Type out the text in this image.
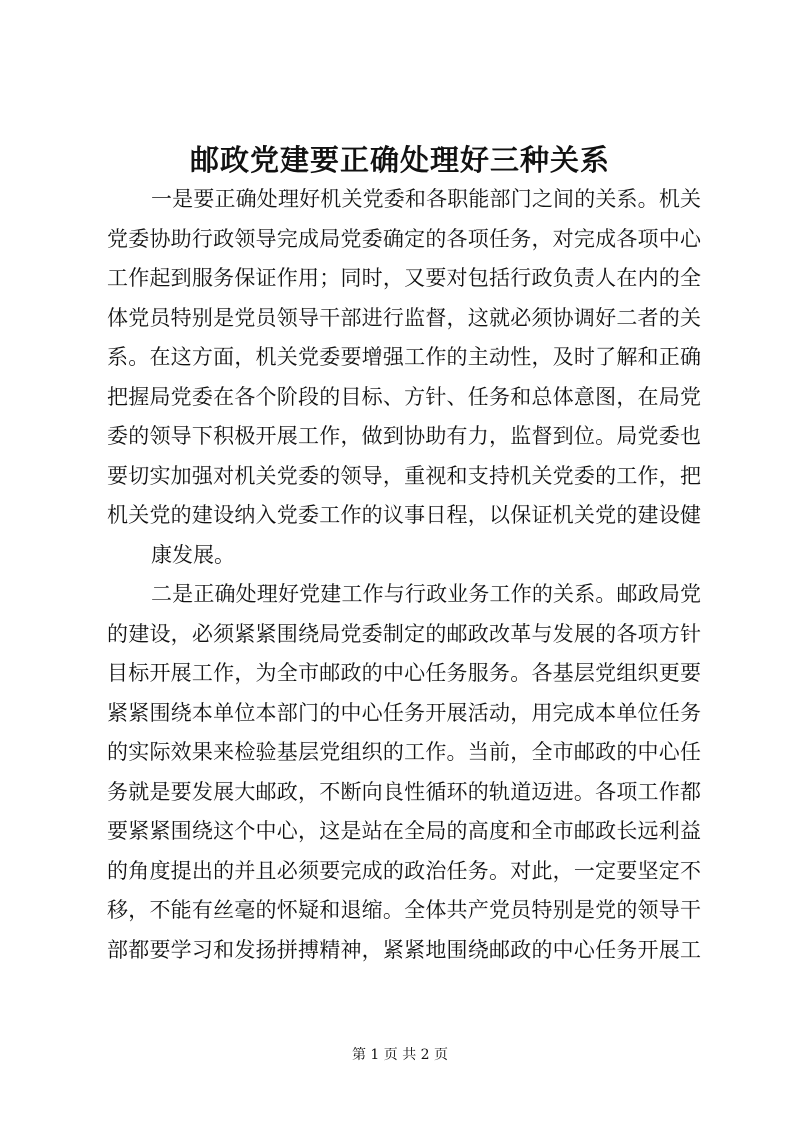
邮政党建要正确处理好三种关系
一是要正确处理好机关党委和各职能部门之间的关系。机关
党委协助行政领导完成局党委确定的各项任务，对完成各项中心
工作起到服务保证作用；同时，又要对包括行政负责人在内的全
体党员特别是党员领导干部进行监督，这就必须协调好二者的关
系。在这方面，机关党委要增强工作的主动性，及时了解和正确
把握局党委在各个阶段的目标、方针、任务和总体意图，在局党
委的领导下积极开展工作，做到协助有力，监督到位。局党委也
要切实加强对机关党委的领导，重视和支持机关党委的工作，把
机关党的建设纳入党委工作的议事日程，以保证机关党的建设健
康发展。
二是正确处理好党建工作与行政业务工作的关系。邮政局党
的建设，必须紧紧围绕局党委制定的邮政改革与发展的各项方针
目标开展工作，为全市邮政的中心任务服务。各基层党组织更要
紧紧围绕本单位本部门的中心任务开展活动，用完成本单位任务
的实际效果来检验基层党组织的工作。当前，全市邮政的中心任
务就是要发展大邮政，不断向良性循环的轨道迈进。各项工作都
要紧紧围绕这个中心，这是站在全局的高度和全市邮政长远利益
的角度提出的并且必须要完成的政治任务。对此，一定要坚定不
移，不能有丝毫的怀疑和退缩。全体共产党员特别是党的领导干
部都要学习和发扬拼搏精神，紧紧地围绕邮政的中心任务开展工
第 1 页 共 2 页
